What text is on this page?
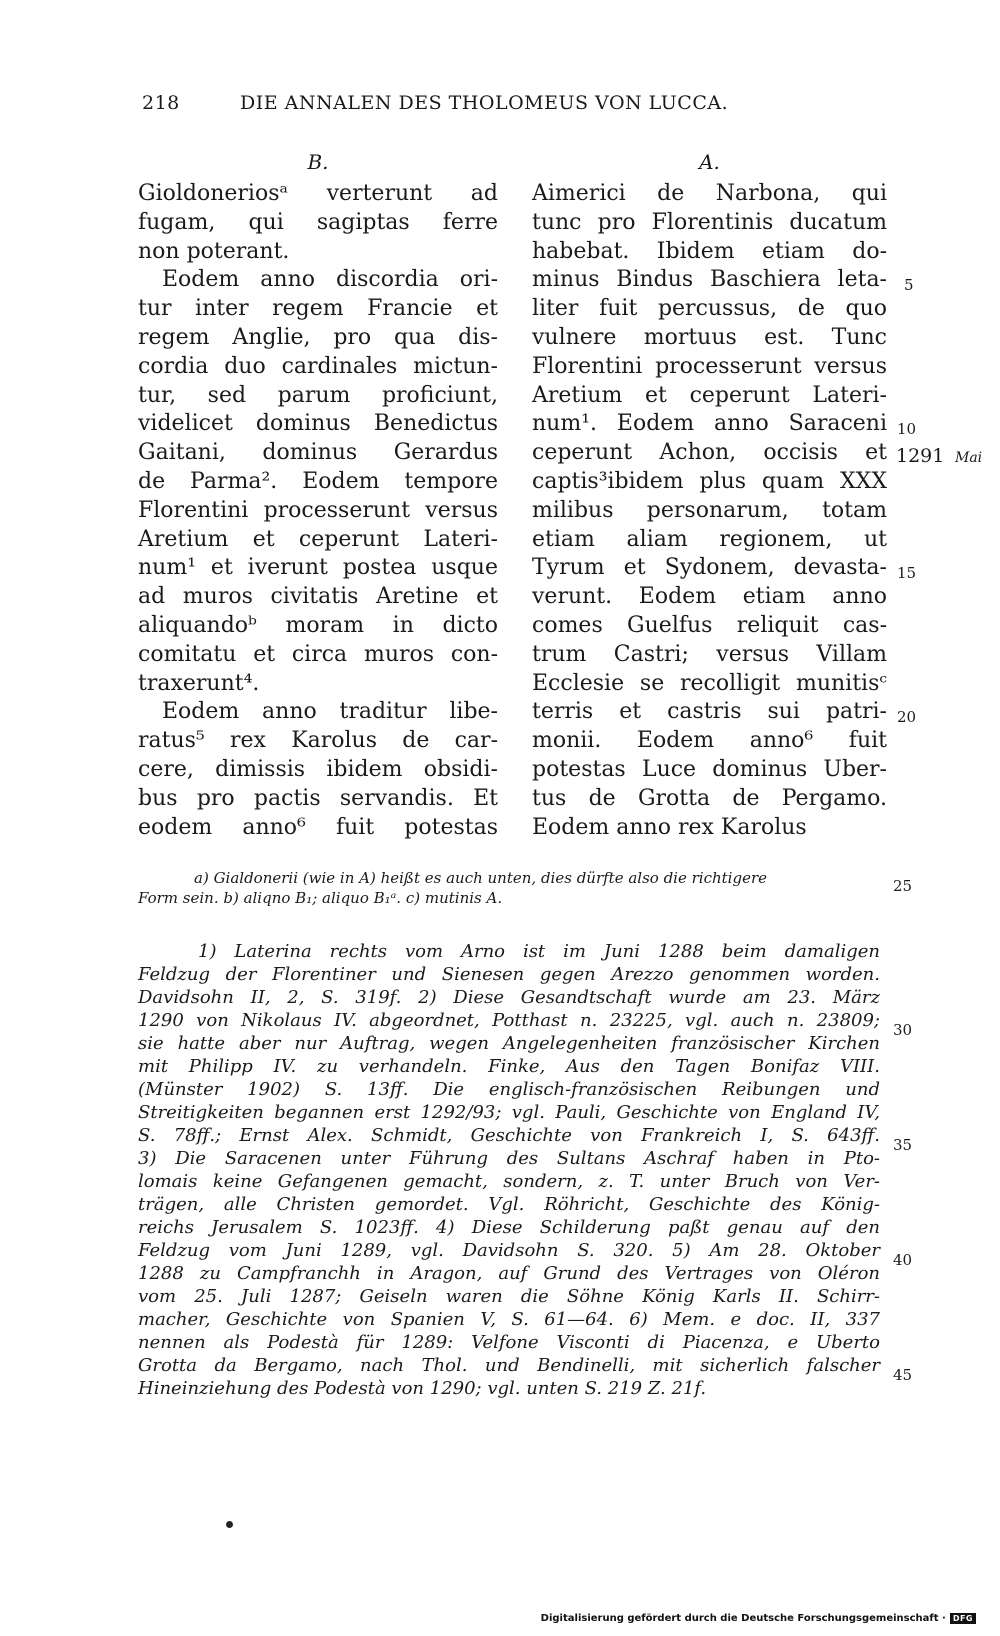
218	DIE ANNALEN DES THOLOMEUS VON LUCCA.
B.
Gioldoneriosᵃ verterunt ad
fugam, qui sagiptas ferre
non poterant.
Eodem anno discordia ori-
tur inter regem Francie et
regem Anglie, pro qua dis-
cordia duo cardinales mictun-
tur, sed parum proficiunt,
videlicet dominus Benedictus
Gaitani, dominus Gerardus
de Parma². Eodem tempore
Florentini processerunt versus
Aretium et ceperunt Lateri-
num¹ et iverunt postea usque
ad muros civitatis Aretine et
aliquandoᵇ moram in dicto
comitatu et circa muros con-
traxerunt⁴.
Eodem anno traditur libe-
ratus⁵ rex Karolus de car-
cere, dimissis ibidem obsidi-
bus pro pactis servandis. Et
eodem anno⁶ fuit potestas
A.
Aimerici de Narbona, qui
tunc pro Florentinis ducatum
habebat. Ibidem etiam do-
minus Bindus Baschiera leta-
liter fuit percussus, de quo
vulnere mortuus est. Tunc
Florentini processerunt versus
Aretium et ceperunt Lateri-
num¹. Eodem anno Saraceni
ceperunt Achon, occisis et
captis³ibidem plus quam XXX
milibus personarum, totam
etiam aliam regionem, ut
Tyrum et Sydonem, devasta-
verunt. Eodem etiam anno
comes Guelfus reliquit cas-
trum Castri; versus Villam
Ecclesie se recolligit munitisᶜ
terris et castris sui patri-
monii. Eodem anno⁶ fuit
potestas Luce dominus Uber-
tus de Grotta de Pergamo.
Eodem anno rex Karolus
5
10
1291 Mai
15
20
25
30
35
40
45
a) Gialdonerii (wie in A) heißt es auch unten, dies dürfte also die richtigere
Form sein. b) aliqno B₁; aliquo B₁ᵃ. c) mutinis A.
1) Laterina rechts vom Arno ist im Juni 1288 beim damaligen
Feldzug der Florentiner und Sienesen gegen Arezzo genommen worden.
Davidsohn II, 2, S. 319f. 2) Diese Gesandtschaft wurde am 23. März
1290 von Nikolaus IV. abgeordnet, Potthast n. 23225, vgl. auch n. 23809;
sie hatte aber nur Auftrag, wegen Angelegenheiten französischer Kirchen
mit Philipp IV. zu verhandeln. Finke, Aus den Tagen Bonifaz VIII.
(Münster 1902) S. 13ff. Die englisch-französischen Reibungen und
Streitigkeiten begannen erst 1292/93; vgl. Pauli, Geschichte von England IV,
S. 78ff.; Ernst Alex. Schmidt, Geschichte von Frankreich I, S. 643ff.
3) Die Saracenen unter Führung des Sultans Aschraf haben in Pto-
lomais keine Gefangenen gemacht, sondern, z. T. unter Bruch von Ver-
trägen, alle Christen gemordet. Vgl. Röhricht, Geschichte des König-
reichs Jerusalem S. 1023ff. 4) Diese Schilderung paßt genau auf den
Feldzug vom Juni 1289, vgl. Davidsohn S. 320. 5) Am 28. Oktober
1288 zu Campfranchh in Aragon, auf Grund des Vertrages von Oléron
vom 25. Juli 1287; Geiseln waren die Söhne König Karls II. Schirr-
macher, Geschichte von Spanien V, S. 61—64. 6) Mem. e doc. II, 337
nennen als Podestà für 1289: Velfone Visconti di Piacenza, e Uberto
Grotta da Bergamo, nach Thol. und Bendinelli, mit sicherlich falscher
Hineinziehung des Podestà von 1290; vgl. unten S. 219 Z. 21f.
Digitalisierung gefördert durch die Deutsche Forschungsgemeinschaft · DFG
